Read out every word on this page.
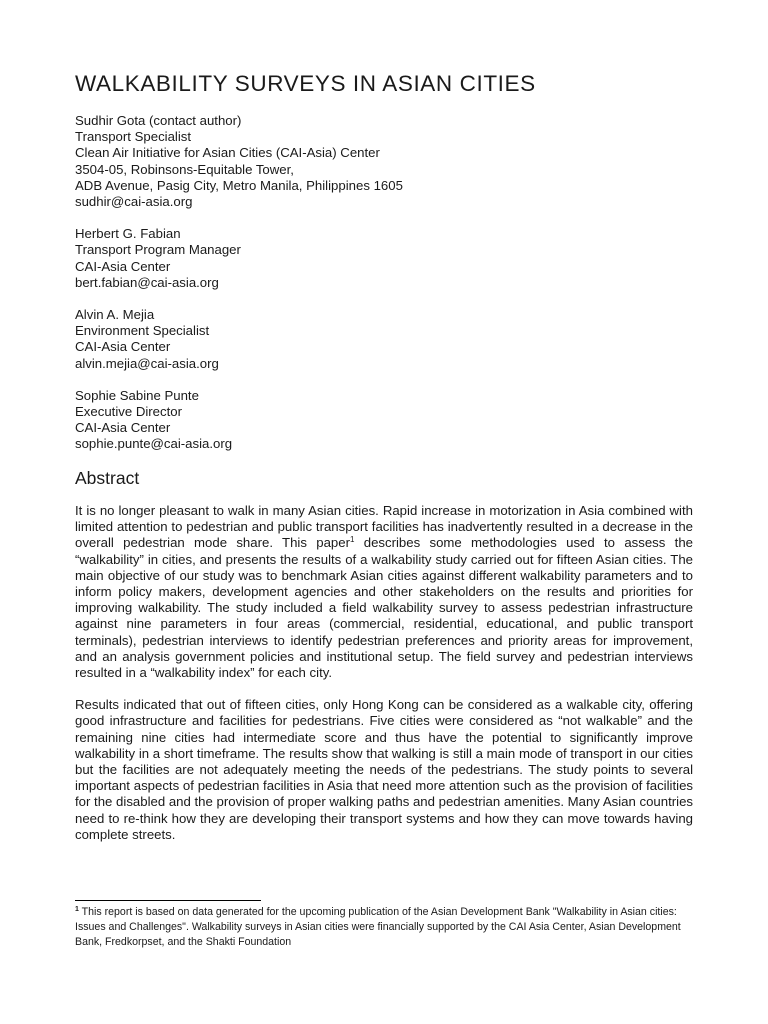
WALKABILITY SURVEYS IN ASIAN CITIES
Sudhir Gota (contact author)
Transport Specialist
Clean Air Initiative for Asian Cities (CAI-Asia) Center
3504-05, Robinsons-Equitable Tower,
ADB Avenue, Pasig City, Metro Manila, Philippines 1605
sudhir@cai-asia.org
Herbert G. Fabian
Transport Program Manager
CAI-Asia Center
bert.fabian@cai-asia.org
Alvin A. Mejia
Environment Specialist
CAI-Asia Center
alvin.mejia@cai-asia.org
Sophie Sabine Punte
Executive Director
CAI-Asia Center
sophie.punte@cai-asia.org
Abstract

It is no longer pleasant to walk in many Asian cities. Rapid increase in motorization in Asia combined with limited attention to pedestrian and public transport facilities has inadvertently resulted in a decrease in the overall pedestrian mode share. This paper$^1$ describes some methodologies used to assess the “walkability” in cities, and presents the results of a walkability study carried out for fifteen Asian cities. The main objective of our study was to benchmark Asian cities against different walkability parameters and to inform policy makers, development agencies and other stakeholders on the results and priorities for improving walkability. The study included a field walkability survey to assess pedestrian infrastructure against nine parameters in four areas (commercial, residential, educational, and public transport terminals), pedestrian interviews to identify pedestrian preferences and priority areas for improvement, and an analysis government policies and institutional setup. The field survey and pedestrian interviews resulted in a “walkability index” for each city.

Results indicated that out of fifteen cities, only Hong Kong can be considered as a walkable city, offering good infrastructure and facilities for pedestrians. Five cities were considered as “not walkable” and the remaining nine cities had intermediate score and thus have the potential to significantly improve walkability in a short timeframe. The results show that walking is still a main mode of transport in our cities but the facilities are not adequately meeting the needs of the pedestrians. The study points to several important aspects of pedestrian facilities in Asia that need more attention such as the provision of facilities for the disabled and the provision of proper walking paths and pedestrian amenities. Many Asian countries need to re-think how they are developing their transport systems and how they can move towards having complete streets.

$^1$ This report is based on data generated for the upcoming publication of the Asian Development Bank "Walkability in Asian cities: Issues and Challenges". Walkability surveys in Asian cities were financially supported by the CAI Asia Center, Asian Development Bank, Fredkorpset, and the Shakti Foundation
